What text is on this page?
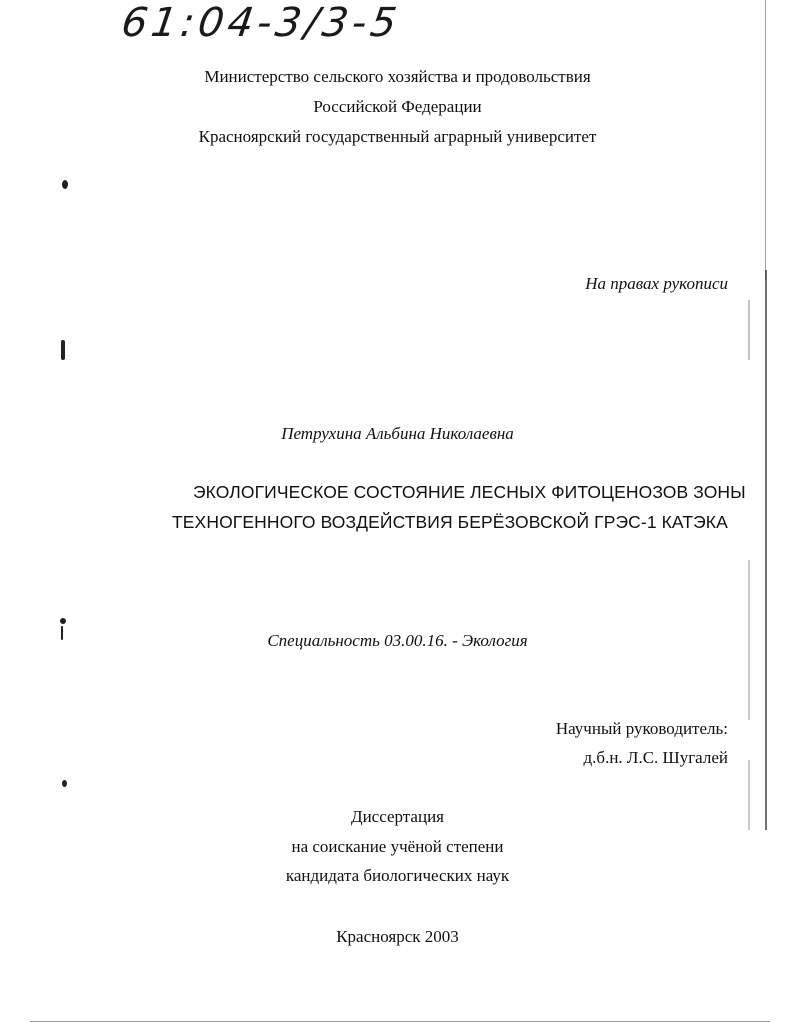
61:04-3/3-5
Министерство сельского хозяйства и продовольствия
Российской Федерации
Красноярский государственный аграрный университет
На правах рукописи
Петрухина Альбина Николаевна
ЭКОЛОГИЧЕСКОЕ СОСТОЯНИЕ ЛЕСНЫХ ФИТОЦЕНОЗОВ ЗОНЫ
ТЕХНОГЕННОГО ВОЗДЕЙСТВИЯ БЕРЁЗОВСКОЙ ГРЭС-1 КАТЭКА
Специальность 03.00.16. - Экология
Научный руководитель:
д.б.н. Л.С. Шугалей
Диссертация
на соискание учёной степени
кандидата биологических наук
Красноярск 2003
